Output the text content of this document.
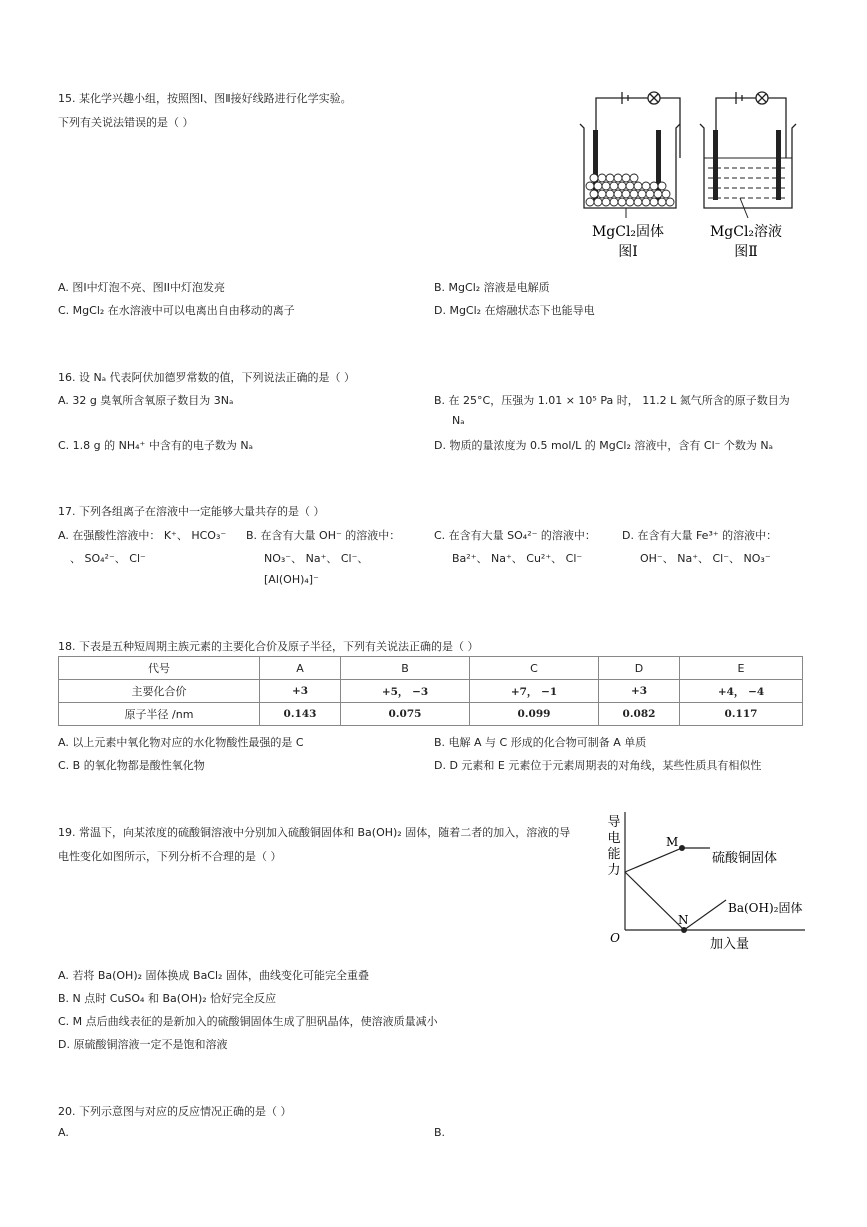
15. 某化学兴趣小组，按照图Ⅰ、图Ⅱ接好线路进行化学实验。
下列有关说法错误的是（ ）
MgCl₂固体
图Ⅰ
MgCl₂溶液
图Ⅱ
A. 图I中灯泡不亮、图II中灯泡发亮	B. MgCl₂ 溶液是电解质
C. MgCl₂ 在水溶液中可以电离出自由移动的离子	D. MgCl₂ 在熔融状态下也能导电
16. 设 Nₐ 代表阿伏加德罗常数的值，下列说法正确的是（ ）
A. 32 g 臭氧所含氧原子数目为 3Nₐ	B. 在 25°C，压强为 1.01 × 10⁵ Pa 时， 11.2 L 氮气所含的原子数目为
Nₐ
C. 1.8 g 的 NH₄⁺ 中含有的电子数为 Nₐ	D. 物质的量浓度为 0.5 mol/L 的 MgCl₂ 溶液中，含有 Cl⁻ 个数为 Nₐ
17. 下列各组离子在溶液中一定能够大量共存的是（ ）
A. 在强酸性溶液中： K⁺、 HCO₃⁻
、 SO₄²⁻、 Cl⁻
B. 在含有大量 OH⁻ 的溶液中：
NO₃⁻、 Na⁺、 Cl⁻、
[Al(OH)₄]⁻
C. 在含有大量 SO₄²⁻ 的溶液中：
Ba²⁺、 Na⁺、 Cu²⁺、 Cl⁻
D. 在含有大量 Fe³⁺ 的溶液中：
OH⁻、 Na⁺、 Cl⁻、 NO₃⁻
18. 下表是五种短周期主族元素的主要化合价及原子半径，下列有关说法正确的是（ ）
代号	A	B	C	D	E
主要化合价	+3	+5， −3	+7， −1	+3	+4， −4
原子半径 /nm	0.143	0.075	0.099	0.082	0.117
A. 以上元素中氧化物对应的水化物酸性最强的是 C	B. 电解 A 与 C 形成的化合物可制备 A 单质
C. B 的氧化物都是酸性氧化物	D. D 元素和 E 元素位于元素周期表的对角线，某些性质具有相似性
19. 常温下，向某浓度的硫酸铜溶液中分别加入硫酸铜固体和 Ba(OH)₂ 固体，随着二者的加入，溶液的导
电性变化如图所示，下列分析不合理的是（ ）
导
电
能
力
O	加入量
M
N
硫酸铜固体
Ba(OH)₂固体
A. 若将 Ba(OH)₂ 固体换成 BaCl₂ 固体，曲线变化可能完全重叠
B. N 点时 CuSO₄ 和 Ba(OH)₂ 恰好完全反应
C. M 点后曲线表征的是新加入的硫酸铜固体生成了胆矾晶体，使溶液质量减小
D. 原硫酸铜溶液一定不是饱和溶液
20. 下列示意图与对应的反应情况正确的是（ ）
A.	B.
